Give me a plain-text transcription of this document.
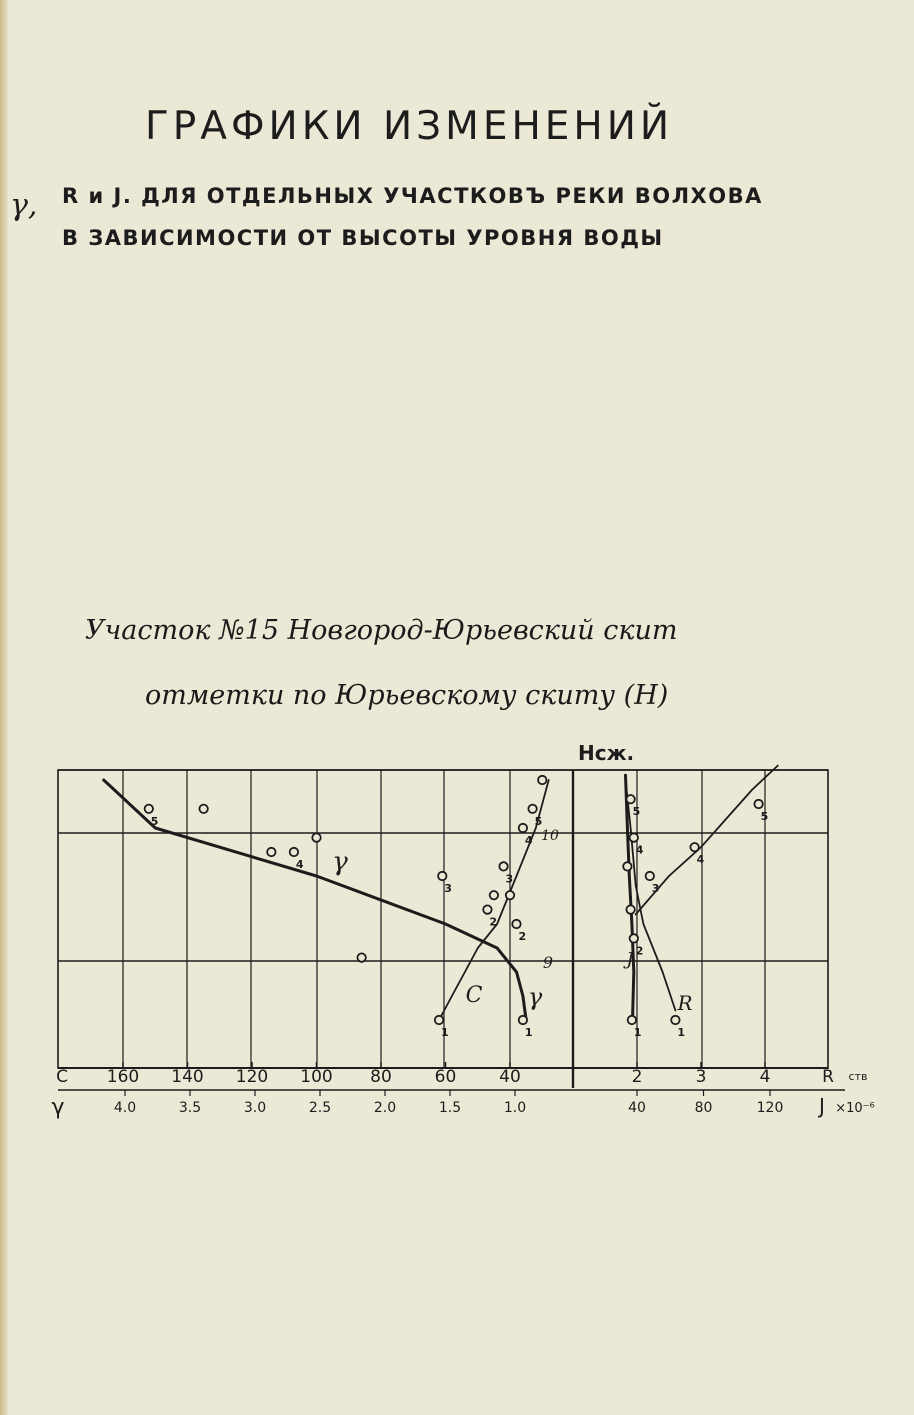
γ,
ГРАФИКИ ИЗМЕНЕНИЙ
R и J. ДЛЯ ОТДЕЛЬНЫХ УЧАСТКОВЪ РЕКИ ВОЛХОВА
В ЗАВИСИМОСТИ ОТ ВЫСОТЫ УРОВНЯ ВОДЫ
Участок №15 Новгород-Юрьевский скит
отметки по Юрьевскому скиту (Н)
5
4
3
2
1
1
2
3
4
5
1	1
2
3
4
5
4
5
Нсж.
C 160 140 120 100 80	60	40
γ	4.0	3.5	3.0	2.5	2.0	1.5	1.0
2	3	4	R ств
40	80	120 J ×10⁻⁶
γ
C γ
9
10
R
J
